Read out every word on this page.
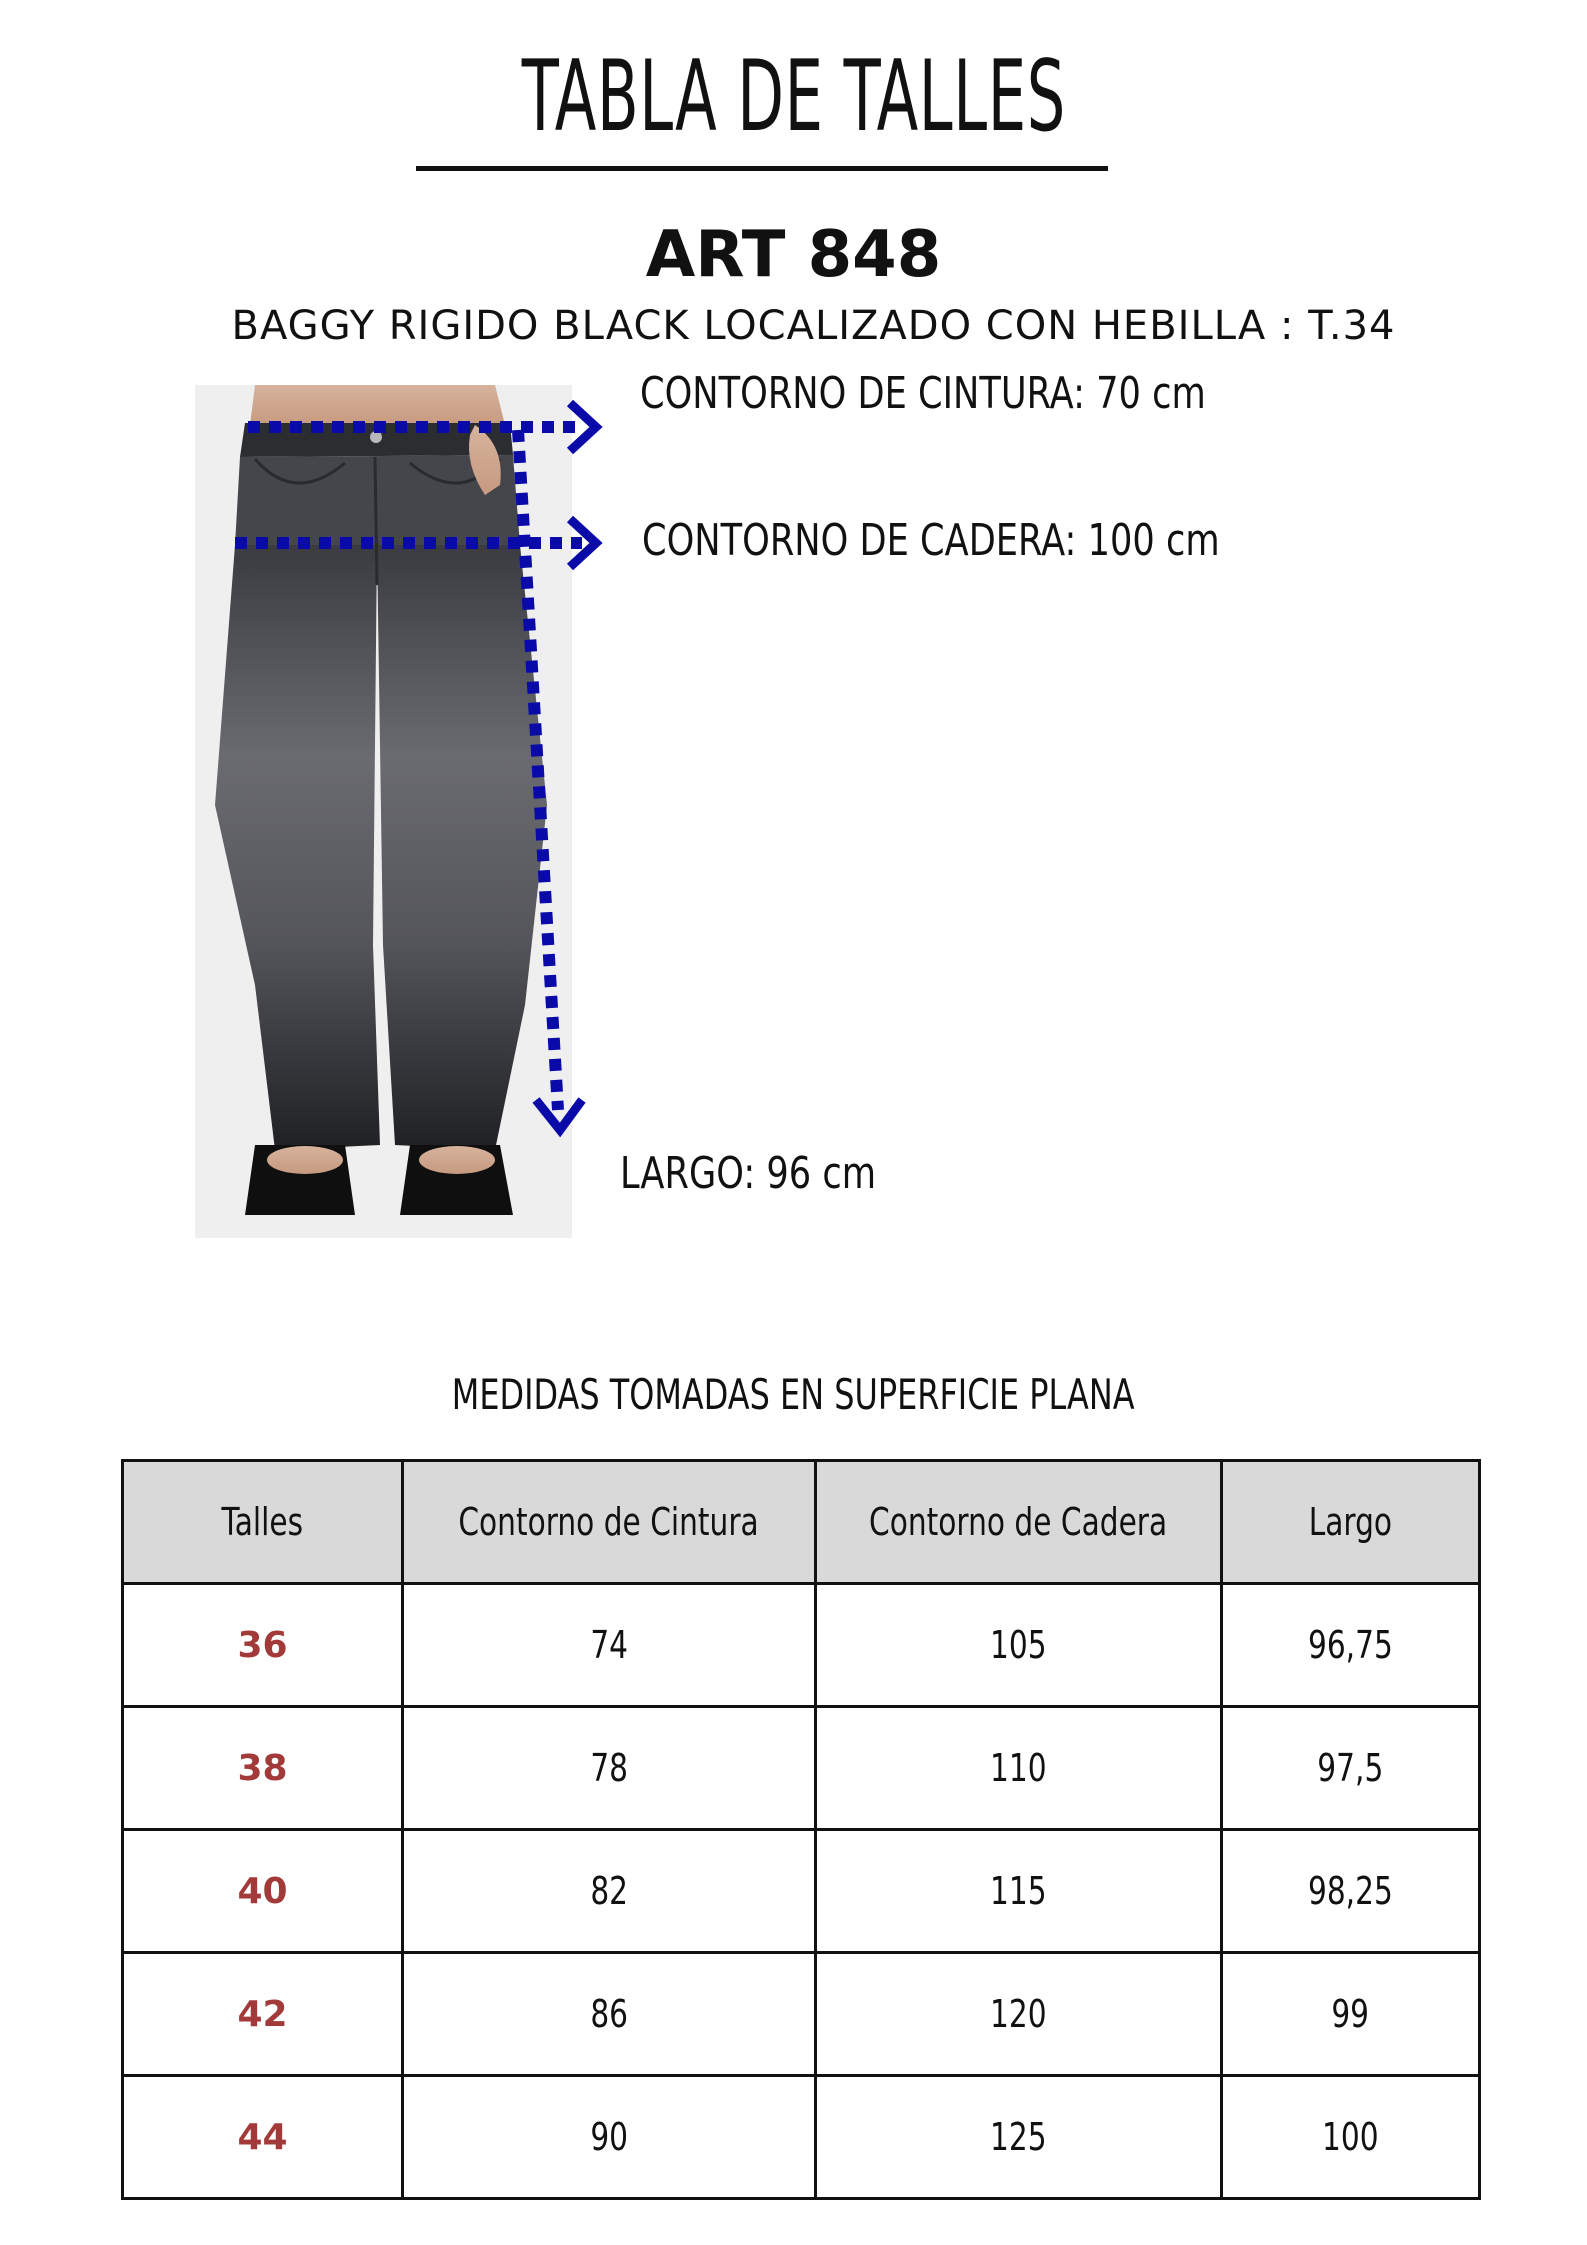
TABLA DE TALLES
ART 848
BAGGY RIGIDO BLACK LOCALIZADO CON HEBILLA : T.34
CONTORNO DE CINTURA: 70 cm
CONTORNO DE CADERA: 100 cm
LARGO: 96 cm
MEDIDAS TOMADAS EN SUPERFICIE PLANA
Talles	Contorno de Cintura	Contorno de Cadera	Largo
36	74	105	96,75
38	78	110	97,5
40	82	115	98,25
42	86	120	99
44	90	125	100
